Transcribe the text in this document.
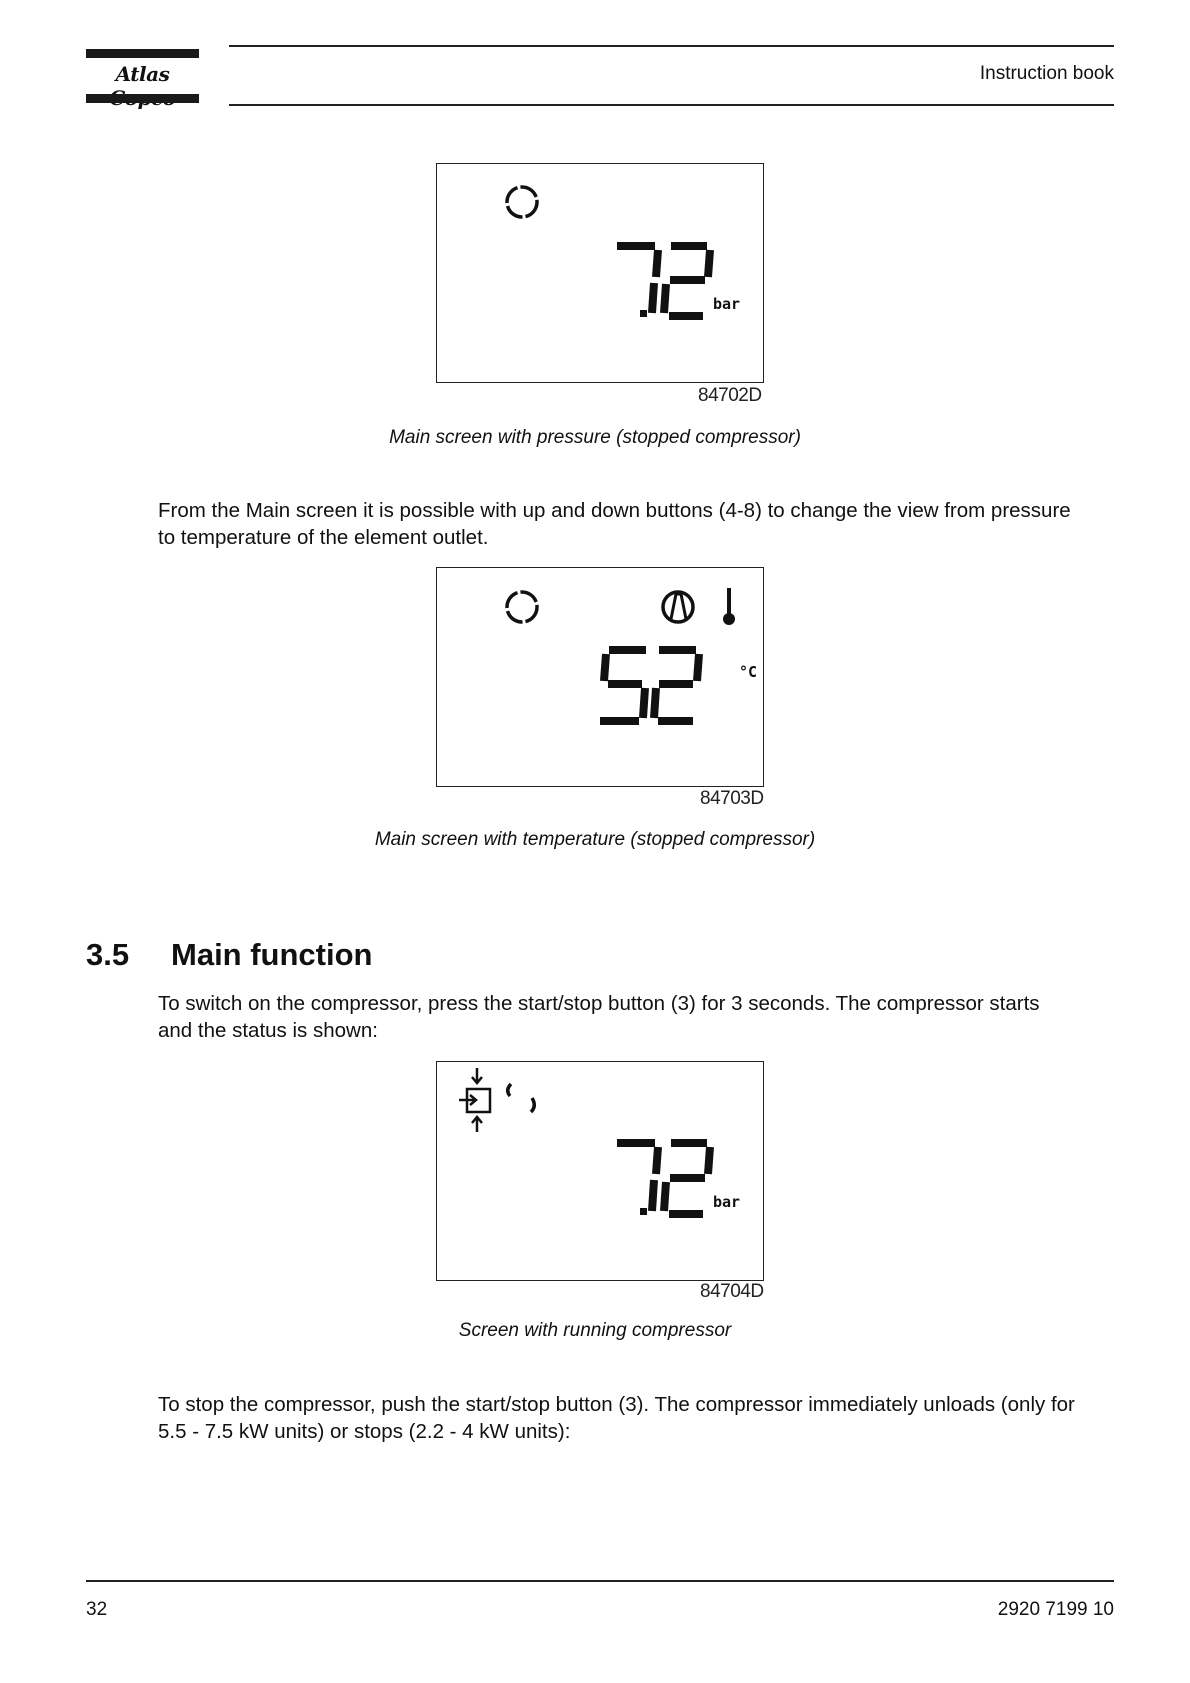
Atlas	Instruction book
bar
84702D
Main screen with pressure (stopped compressor)
From the Main screen it is possible with up and down buttons (4-8) to change the view from pressure to temperature of the element outlet.
°C
84703D
Main screen with temperature (stopped compressor)
3.5 Main function
To switch on the compressor, press the start/stop button (3) for 3 seconds. The compressor starts and the status is shown:
bar
84704D
Screen with running compressor
To stop the compressor, push the start/stop button (3). The compressor immediately unloads (only for 5.5 - 7.5 kW units) or stops (2.2 - 4 kW units):
32	2920 7199 10
